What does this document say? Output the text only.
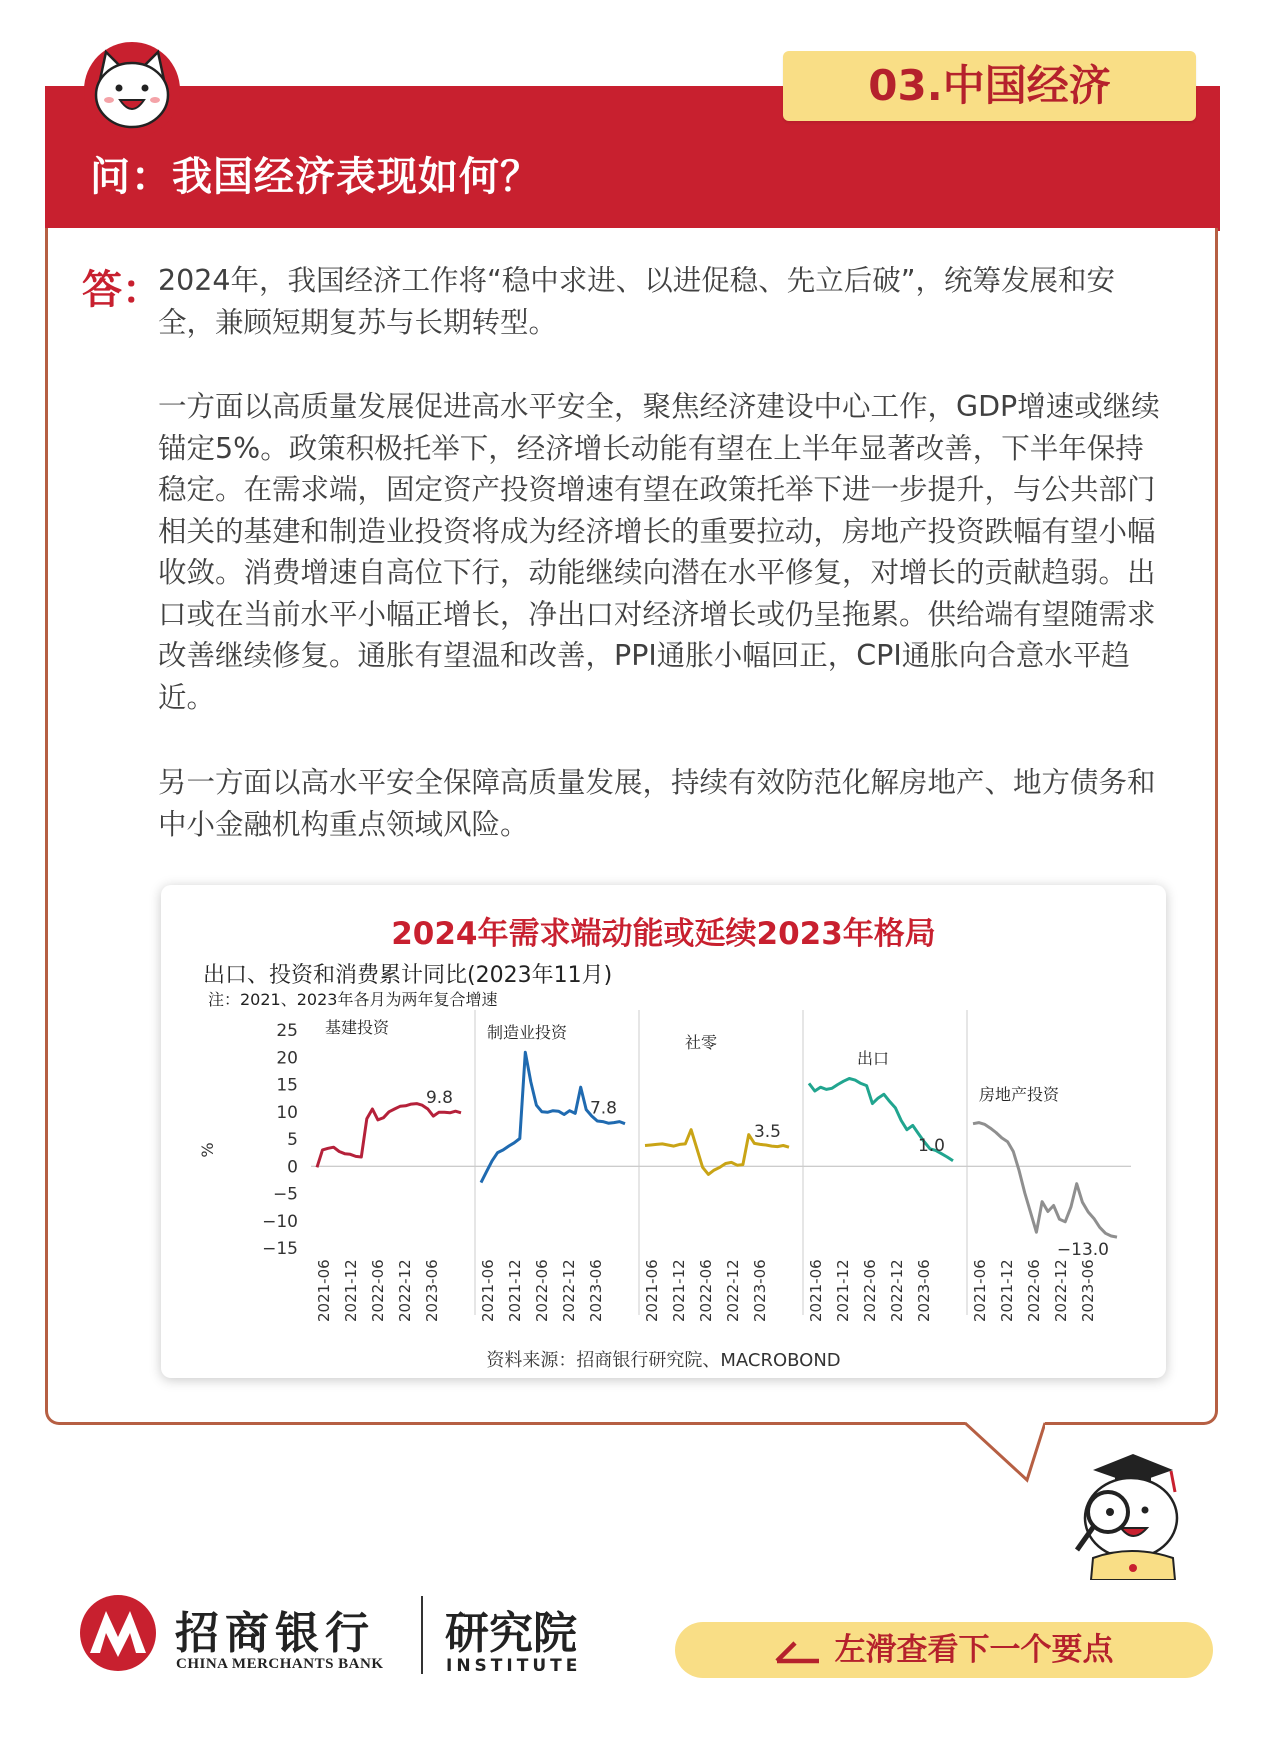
问：我国经济表现如何？
03.中国经济
答：

2024年，我国经济工作将“稳中求进、以进促稳、先立后破”，统筹发展和安全，兼顾短期复苏与长期转型。

一方面以高质量发展促进高水平安全，聚焦经济建设中心工作，GDP增速或继续锚定5%。政策积极托举下，经济增长动能有望在上半年显著改善，下半年保持稳定。在需求端，固定资产投资增速有望在政策托举下进一步提升，与公共部门相关的基建和制造业投资将成为经济增长的重要拉动，房地产投资跌幅有望小幅收敛。消费增速自高位下行，动能继续向潜在水平修复，对增长的贡献趋弱。出口或在当前水平小幅正增长，净出口对经济增长或仍呈拖累。供给端有望随需求改善继续修复。通胀有望温和改善，PPI通胀小幅回正，CPI通胀向合意水平趋近。

另一方面以高水平安全保障高质量发展，持续有效防范化解房地产、地方债务和中小金融机构重点领域风险。

2024年需求端动能或延续2023年格局
出口、投资和消费累计同比(2023年11月)
注：2021、2023年各月为两年复合增速
25
20
15
10
5
0
−5
−10
−15
%
基建投资
9.8
2021-06 2021-12 2022-06 2022-12 2023-06
制造业投资
7.8
2021-06 2021-12 2022-06 2022-12 2023-06
社零
3.5
2021-06 2021-12 2022-06 2022-12 2023-06
出口
1.0
2021-06 2021-12 2022-06 2022-12 2023-06
房地产投资
−13.0
2021-06 2021-12 2022-06 2022-12 2023-06
资料来源：招商银行研究院、MACROBOND
招商银行
CHINA MERCHANTS BANK
研究院
INSTITUTE	左滑查看下一个要点
